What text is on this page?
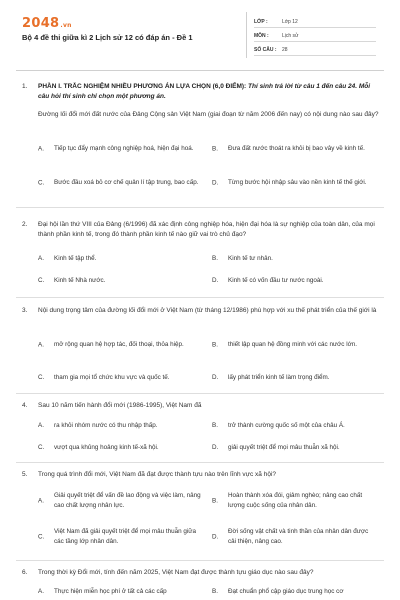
2048.vn
Bộ 4 đề thi giữa kì 2 Lịch sử 12 có đáp án - Đề 1
LỚP :	Lớp 12
MÔN :	Lịch sử
SỐ CÂU : 28
1.	PHẦN I. TRẮC NGHIỆM NHIỀU PHƯƠNG ÁN LỰA CHỌN (6,0 ĐIỂM): Thí sinh trả lời từ câu 1 đến câu 24. Mỗi câu hỏi thí sinh chỉ chọn một phương án.
Đường lối đổi mới đất nước của Đảng Cộng sản Việt Nam (giai đoạn từ năm 2006 đến nay) có nội dung nào sau đây?
A. Tiếp tục đẩy mạnh công nghiệp hoá, hiện đại hoá.	B. Đưa đất nước thoát ra khỏi bị bao vây về kinh tế.
C. Bước đầu xoá bỏ cơ chế quản lí tập trung, bao cấp.	D. Từng bước hội nhập sâu vào nền kinh tế thế giới.
2.	Đại hội lần thứ VIII của Đảng (6/1996) đã xác định công nghiệp hóa, hiện đại hóa là sự nghiệp của toàn dân, của mọi thành phần kinh tế, trong đó thành phần kinh tế nào giữ vai trò chủ đạo?
A. Kinh tế tập thể.	B. Kinh tế tư nhân.
C. Kinh tế Nhà nước.	D. Kinh tế có vốn đầu tư nước ngoài.
3.	Nội dung trọng tâm của đường lối đổi mới ở Việt Nam (từ tháng 12/1986) phù hợp với xu thế phát triển của thế giới là
A. mở rộng quan hệ hợp tác, đối thoại, thỏa hiệp.	B. thiết lập quan hệ đồng minh với các nước lớn.
C. tham gia mọi tổ chức khu vực và quốc tế.	D. lấy phát triển kinh tế làm trọng điểm.
4.	Sau 10 năm tiến hành đổi mới (1986-1995), Việt Nam đã
A. ra khỏi nhóm nước có thu nhập thấp.	B. trở thành cường quốc số một của châu Á.
C. vượt qua khủng hoảng kinh tế-xã hội.	D. giải quyết triệt để mọi mâu thuẫn xã hội.
5.	Trong quá trình đổi mới, Việt Nam đã đạt được thành tựu nào trên lĩnh vực xã hội?
A.
Giải quyết triệt để vấn đề lao động và việc làm, nâng cao chất lượng nhân lực.
B.
Hoàn thành xóa đói, giảm nghèo; nâng cao chất lượng cuộc sống của nhân dân.
C.
Việt Nam đã giải quyết triệt để mọi mâu thuẫn giữa các tầng lớp nhân dân.
D.
Đời sống vật chất và tinh thần của nhân dân được cải thiện, nâng cao.
6.	Trong thời kỳ Đổi mới, tính đến năm 2025, Việt Nam đạt được thành tựu giáo dục nào sau đây?
A. Thực hiện miễn học phí ở tất cả các cấp	B. Đạt chuẩn phổ cập giáo dục trung học cơ
